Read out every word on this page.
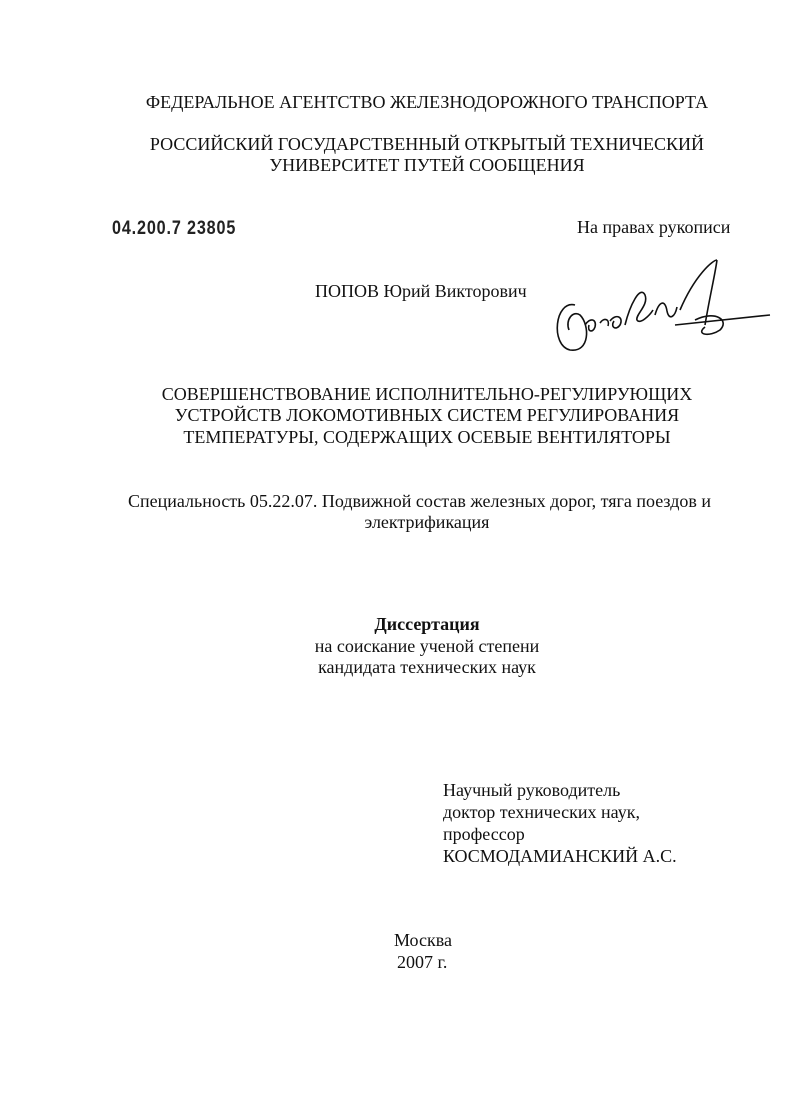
ФЕДЕРАЛЬНОЕ АГЕНТСТВО ЖЕЛЕЗНОДОРОЖНОГО ТРАНСПОРТА
РОССИЙСКИЙ ГОСУДАРСТВЕННЫЙ ОТКРЫТЫЙ ТЕХНИЧЕСКИЙ
УНИВЕРСИТЕТ ПУТЕЙ СООБЩЕНИЯ
04.200.7 23805	На правах рукописи
ПОПОВ Юрий Викторович
СОВЕРШЕНСТВОВАНИЕ ИСПОЛНИТЕЛЬНО-РЕГУЛИРУЮЩИХ
УСТРОЙСТВ ЛОКОМОТИВНЫХ СИСТЕМ РЕГУЛИРОВАНИЯ
ТЕМПЕРАТУРЫ, СОДЕРЖАЩИХ ОСЕВЫЕ ВЕНТИЛЯТОРЫ
Специальность 05.22.07. Подвижной состав железных дорог, тяга поездов и
электрификация
Диссертация
на соискание ученой степени
кандидата технических наук
Научный руководитель
доктор технических наук,
профессор
КОСМОДАМИАНСКИЙ А.С.
Москва
2007 г.
